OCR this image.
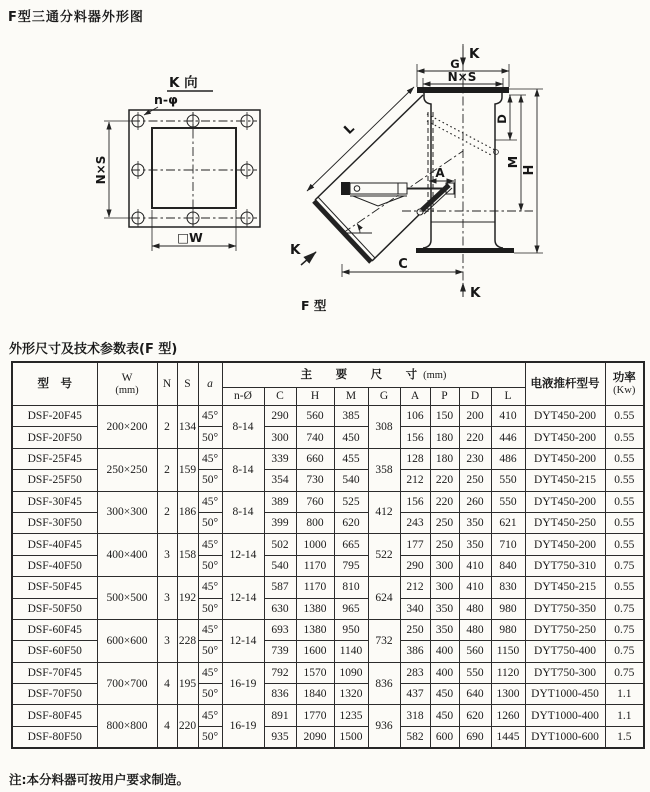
F型三通分料器外形图
N×S
□W
K 向
n-φ
K
G
N×S
L
A
D
M
H
C
K
K
F 型
外形尺寸及技术参数表(F 型)
型　号	W
(mm)
	N	S	a	主　要　尺　寸(mm)	电液推杆型号	功率
(Kw)

					n-Ø	C	H	M	G	A	P	D	L		
DSF-20F45	200×200	2	134	45°	8-14	290	560	385	308	106	150	200	410	DYT450-200	0.55
DSF-20F50				50°		300	740	450		156	180	220	446	DYT450-200	0.55
DSF-25F45	250×250	2	159	45°	8-14	339	660	455	358	128	180	230	486	DYT450-200	0.55
DSF-25F50				50°		354	730	540		212	220	250	550	DYT450-215	0.55
DSF-30F45	300×300	2	186	45°	8-14	389	760	525	412	156	220	260	550	DYT450-200	0.55
DSF-30F50				50°		399	800	620		243	250	350	621	DYT450-250	0.55
DSF-40F45	400×400	3	158	45°	12-14	502	1000	665	522	177	250	350	710	DYT450-200	0.55
DSF-40F50				50°		540	1170	795		290	300	410	840	DYT750-310	0.75
DSF-50F45	500×500	3	192	45°	12-14	587	1170	810	624	212	300	410	830	DYT450-215	0.55
DSF-50F50				50°		630	1380	965		340	350	480	980	DYT750-350	0.75
DSF-60F45	600×600	3	228	45°	12-14	693	1380	950	732	250	350	480	980	DYT750-250	0.75
DSF-60F50				50°		739	1600	1140		386	400	560	1150	DYT750-400	0.75
DSF-70F45	700×700	4	195	45°	16-19	792	1570	1090	836	283	400	550	1120	DYT750-300	0.75
DSF-70F50				50°		836	1840	1320		437	450	640	1300	DYT1000-450	1.1
DSF-80F45	800×800	4	220	45°	16-19	891	1770	1235	936	318	450	620	1260	DYT1000-400	1.1
DSF-80F50				50°		935	2090	1500		582	600	690	1445	DYT1000-600	1.5
注:本分料器可按用户要求制造。
